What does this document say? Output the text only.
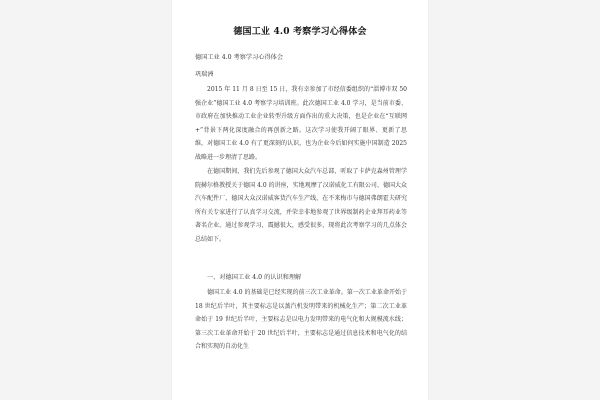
德国工业 4.0 考察学习心得体会
德国工业 4.0 考察学习心得体会
巩瑞洲
2015 年 11 月 8 日至 15 日，我有幸参加了市经信委组织的“淄博市双 50 强企业”德国工业 4.0 考察学习培训班。此次德国工业 4.0 学习，是当前市委、市政府在加快推动工业企业转型升级方面作出的重大决策，也是企业在“互联网+”背景下两化深度融合的再创新之路。这次学习使我开阔了眼界、更新了思维，对德国工业 4.0 有了更深刻的认识，也为企业今后如何实施中国制造 2025 战略进一步理清了思路。
在德国期间，我们先后参观了德国大众汽车总部，听取了卡萨克森州管理学院赫尔格教授关于德国 4.0 的讲座，实地观摩了汉诺威化工有限公司、德国大众汽车配件厂、德国大众汉诺威客货汽车生产线，在不来梅市与德国弗朗霍夫研究所有关专家进行了认真学习交流，并荣幸非地参观了世界级制药企业拜耳药业等著名企业。通过参观学习，震撼很大，感受很多，现将此次考察学习的几点体会总结如下。
一、对德国工业 4.0 的认识和理解
德国工业 4.0 的基础是已经实现的前三次工业革命。第一次工业革命开始于 18 世纪后半叶，其主要标志是以蒸汽机发明带来的机械化生产；第二次工业革命始于 19 世纪后半叶，主要标志是以电力发明带来的电气化和大规模流水线；第三次工业革命开始于 20 世纪后半叶，主要标志是通过信息技术和电气化的结合和实现的自动化生
